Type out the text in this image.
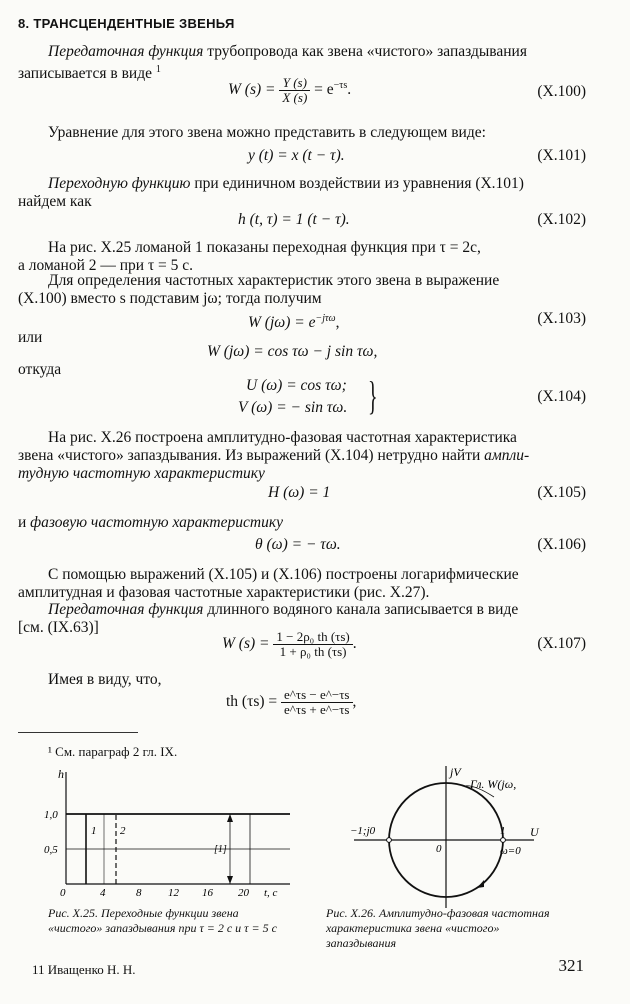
8. ТРАНСЦЕНДЕНТНЫЕ ЗВЕНЬЯ
Передаточная функция трубопровода как звена «чистого» запаздывания
записывается в виде $^1$
W $(s) = \frac{Y (s)}{X (s)} = e^{-\tau s}$.	(X.100)
Уравнение для этого звена можно представить в следующем виде:
y (t) = x (t − τ).	(X.101)
Переходную функцию при единичном воздействии из уравнения (X.101)
найдем как
h (t, τ) = 1 (t − τ).	(X.102)
На рис. X.25 ломаной 1 показаны переходная функция при τ = 2с,
а ломаной 2 — при τ = 5 с.
Для определения частотных характеристик этого звена в выражение
(X.100) вместо s подставим jω; тогда получим
W $(j\omega) = e^{-j\tau\omega}$,	(X.103)
или
W (jω) = cos τω − j sin τω,
откуда
U (ω) = cos τω;
V (ω) = − sin τω. }	(X.104)
На рис. X.26 построена амплитудно-фазовая частотная характеристика
звена «чистого» запаздывания. Из выражений (X.104) нетрудно найти ампли-
тудную частотную характеристику
H (ω) = 1	(X.105)
и фазовую частотную характеристику
θ (ω) = − τω.	(X.106)
С помощью выражений (X.105) и (X.106) построены логарифмические
амплитудная и фазовая частотные характеристики (рис. X.27).
Передаточная функция длинного водяного канала записывается в виде
[см. (IX.63)]
W $(s) = \frac{\text{1 − 2ρ₀ th (τs)}}{\text{1 + ρ₀ th (τs)}}$ .	(X.107)
Имея в виду, что,
th $(\tau s) = \frac{e\^{}\tau s - e\^{}-\tau s}{e\^{}\tau s + e\^{}-\tau s}$ ,
¹ См. параграф 2 гл. IX.
h
1,0
0,5
0	4	8 12 16 20 t, c
1 2
[1]
Рис. X.25. Переходные функции звена «чистого» запаздывания при τ = 2 с и τ = 5 с
jV
U
Гл. W(jω,
−1;j0	1
0	ω=0
Рис. X.26. Амплитудно-фазовая частотная характеристика звена «чистого» запаздывания
11 Иващенко Н. Н.	321
